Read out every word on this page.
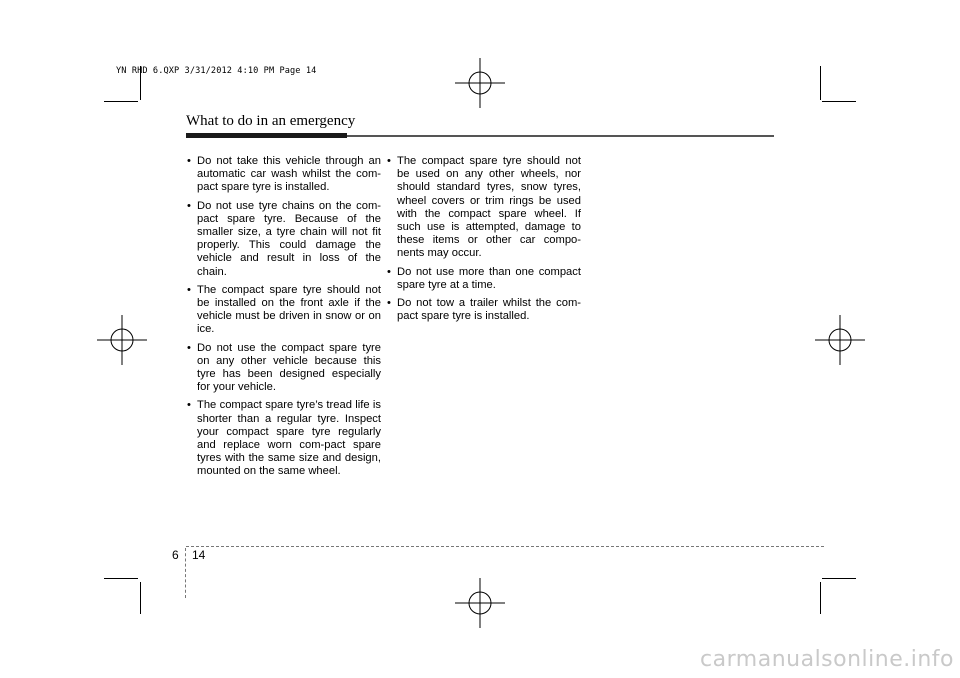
YN RHD 6.QXP 3/31/2012 4:10 PM Page 14
What to do in an emergency
• Do not take this vehicle through an automatic car wash whilst the com-pact spare tyre is installed.
• Do not use tyre chains on the com-pact spare tyre. Because of the smaller size, a tyre chain will not fit properly. This could damage the vehicle and result in loss of the chain.
• The compact spare tyre should not be installed on the front axle if the vehicle must be driven in snow or on ice.
• Do not use the compact spare tyre on any other vehicle because this tyre has been designed especially for your vehicle.
• The compact spare tyre’s tread life is shorter than a regular tyre. Inspect your compact spare tyre regularly and replace worn com-pact spare tyres with the same size and design, mounted on the same wheel.
• The compact spare tyre should not be used on any other wheels, nor should standard tyres, snow tyres, wheel covers or trim rings be used with the compact spare wheel. If such use is attempted, damage to these items or other car compo-nents may occur.
• Do not use more than one compact spare tyre at a time.
• Do not tow a trailer whilst the com-pact spare tyre is installed.
6 14
carmanualsonline.info
